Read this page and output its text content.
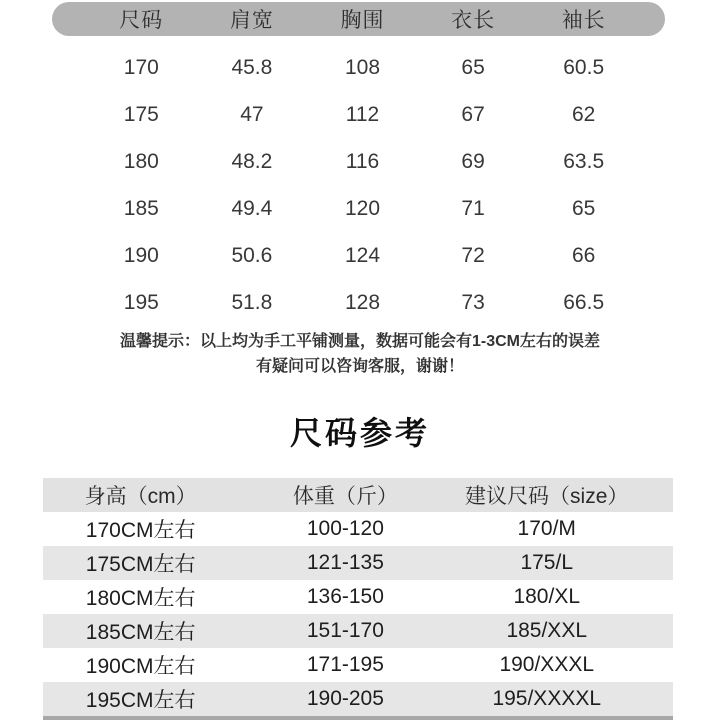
尺码	肩宽	胸围	衣长	袖长
170	45.8	108	65	60.5
175	47	112	67	62
180	48.2	116	69	63.5
185	49.4	120	71	65
190	50.6	124	72	66
195	51.8	128	73	66.5
温馨提示：以上均为手工平铺测量，数据可能会有1-3CM左右的误差
有疑问可以咨询客服，谢谢！
尺码参考
身高（cm）	体重（斤）	建议尺码（size）
170CM左右	100-120	170/M
175CM左右	121-135	175/L
180CM左右	136-150	180/XL
185CM左右	151-170	185/XXL
190CM左右	171-195	190/XXXL
195CM左右	190-205	195/XXXXL
